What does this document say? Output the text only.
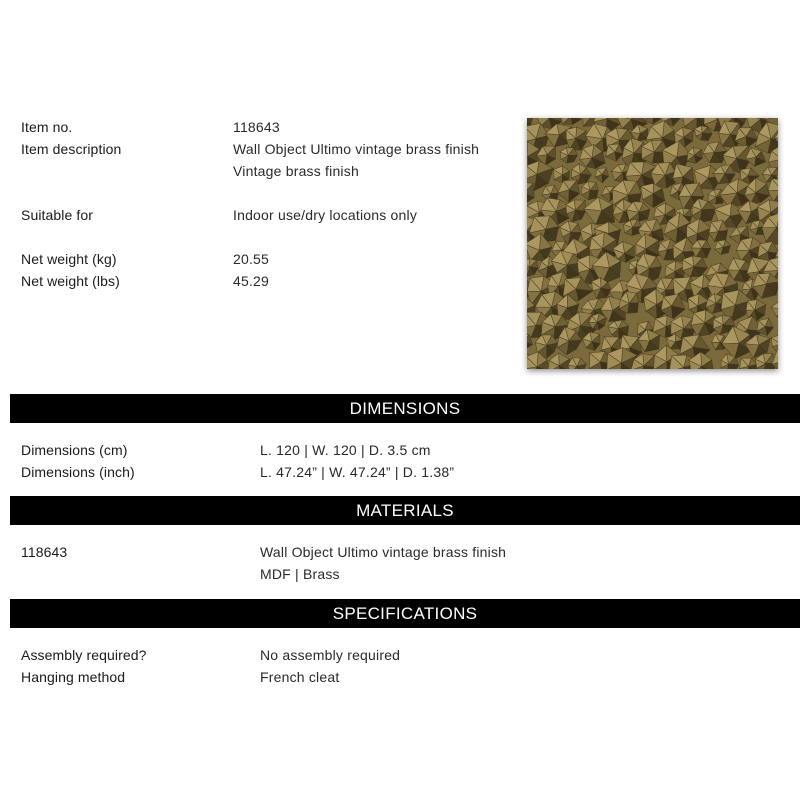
Item no.	118643
Item description	Wall Object Ultimo vintage brass finish
Vintage brass finish
Suitable for	Indoor use/dry locations only
Net weight (kg)	20.55
Net weight (lbs)	45.29
DIMENSIONS
Dimensions (cm)	L. 120 | W. 120 | D. 3.5 cm
Dimensions (inch)	L. 47.24” | W. 47.24” | D. 1.38”
MATERIALS
118643	Wall Object Ultimo vintage brass finish
MDF | Brass
SPECIFICATIONS
Assembly required?	No assembly required
Hanging method	French cleat
